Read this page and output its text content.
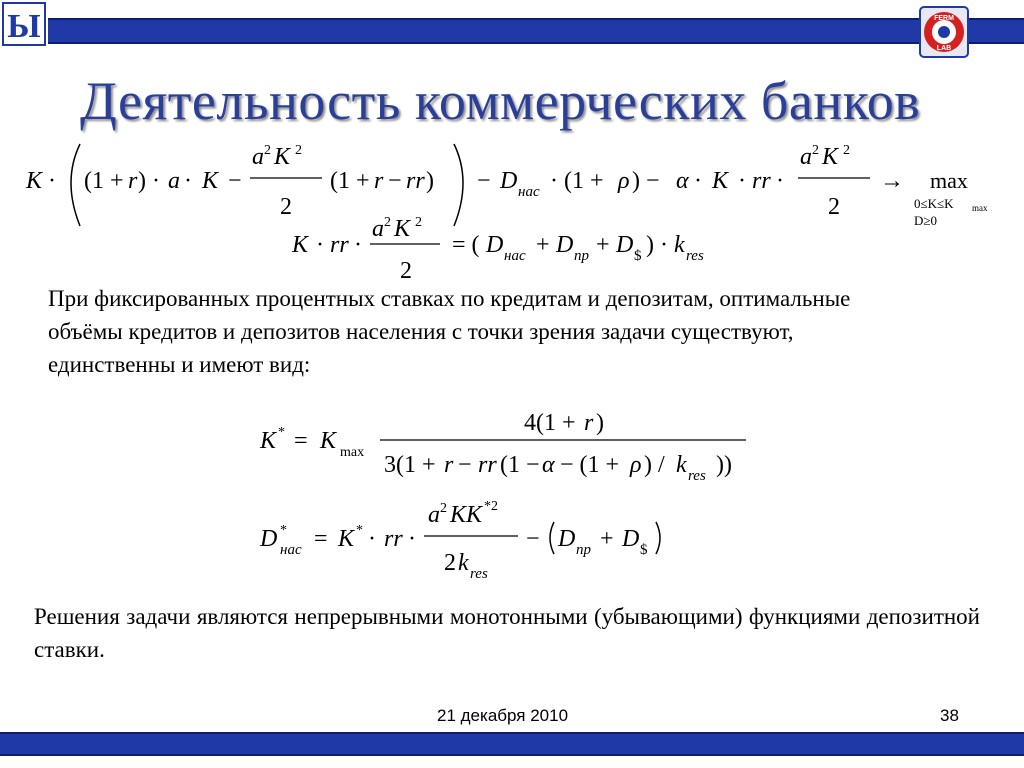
Ы	FERM
LAB
Деятельность коммерческих банков
K · (1 + r ) · a · K −
a 2 K 2
2
(1 + r − rr ) − D нас · (1 + ρ ) − α · K · rr ·
a 2 K 2
2
→ max
0≤K≤K max
D≥0
K · rr ·
a 2 K 2
2
= ( D нас + D пр + D $ ) · k res
При фиксированных процентных ставках по кредитам и депозитам, оптимальные объёмы кредитов и депозитов населения с точки зрения задачи существуют, единственны и имеют вид:
K * = K max
4(1 + r )
3(1 + r − rr (1 − α − (1 + ρ ) / k res ))
D *
нас = K * · rr ·
a 2 KK *2
2 k res
− D пр + D $
Решения задачи являются непрерывными монотонными (убывающими) функциями депозитной ставки.
21 декабря 2010	38
